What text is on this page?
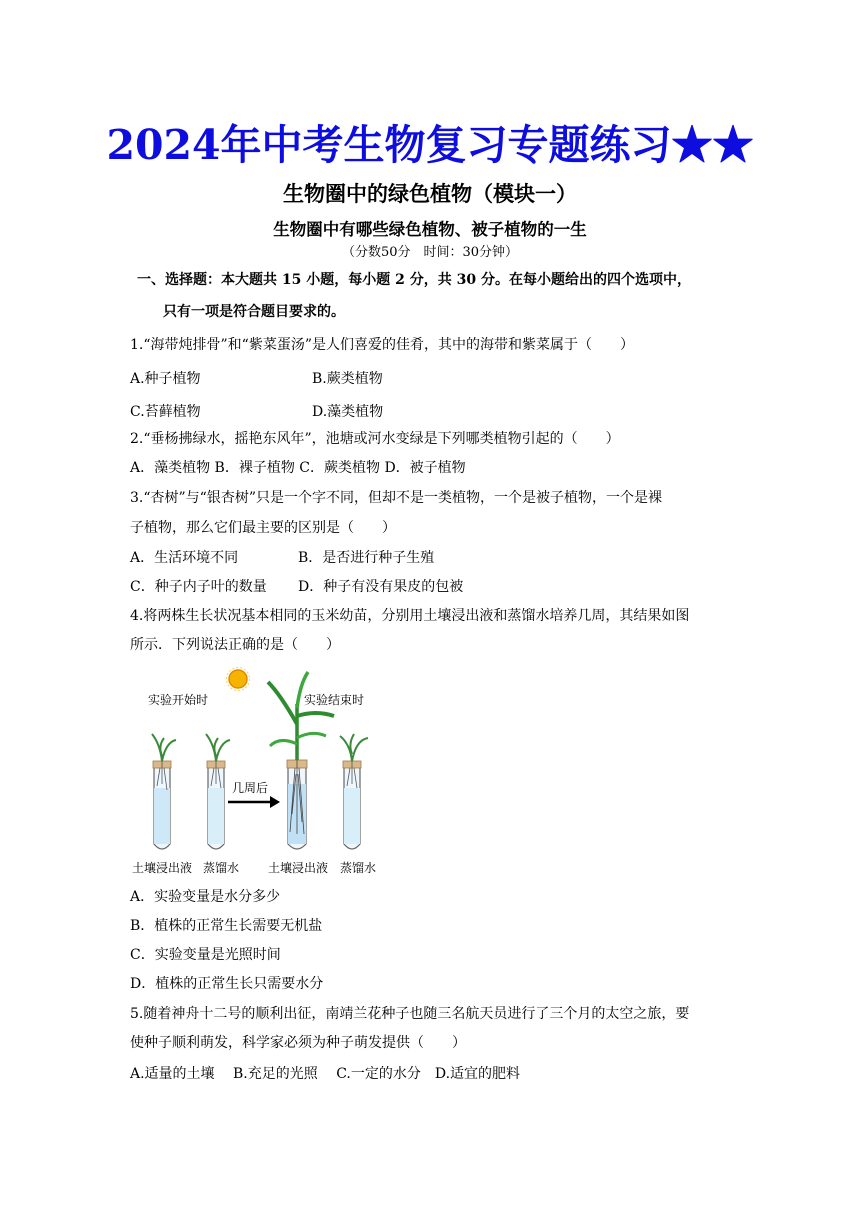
2024年中考生物复习专题练习★★
生物圈中的绿色植物（模块一）
生物圈中有哪些绿色植物、被子植物的一生
（分数50分　时间：30分钟）
一、选择题：本大题共 15 小题，每小题 2 分，共 30 分。在每小题给出的四个选项中，
只有一项是符合题目要求的。
1.“海带炖排骨”和“紫菜蛋汤”是人们喜爱的佳肴，其中的海带和紫菜属于（　　）
A.种子植物	B.蕨类植物
C.苔藓植物	D.藻类植物
2.“垂杨拂绿水，摇艳东风年”，池塘或河水变绿是下列哪类植物引起的（　　）
A．藻类植物 B．裸子植物 C．蕨类植物 D．被子植物
3.“杏树”与“银杏树”只是一个字不同，但却不是一类植物，一个是被子植物，一个是裸
子植物，那么它们最主要的区别是（　　）
A．生活环境不同	B．是否进行种子生殖
C．种子内子叶的数量 D．种子有没有果皮的包被
4.将两株生长状况基本相同的玉米幼苗，分别用土壤浸出液和蒸馏水培养几周，其结果如图
所示．下列说法正确的是（　　）
实验开始时	实验结束时
几周后
土壤浸出液 蒸馏水 土壤浸出液 蒸馏水
A．实验变量是水分多少
B．植株的正常生长需要无机盐
C．实验变量是光照时间
D．植株的正常生长只需要水分
5.随着神舟十二号的顺利出征，南靖兰花种子也随三名航天员进行了三个月的太空之旅，要
使种子顺利萌发，科学家必须为种子萌发提供（　　）
A.适量的土壤　 B.充足的光照　 C.一定的水分　D.适宜的肥料
